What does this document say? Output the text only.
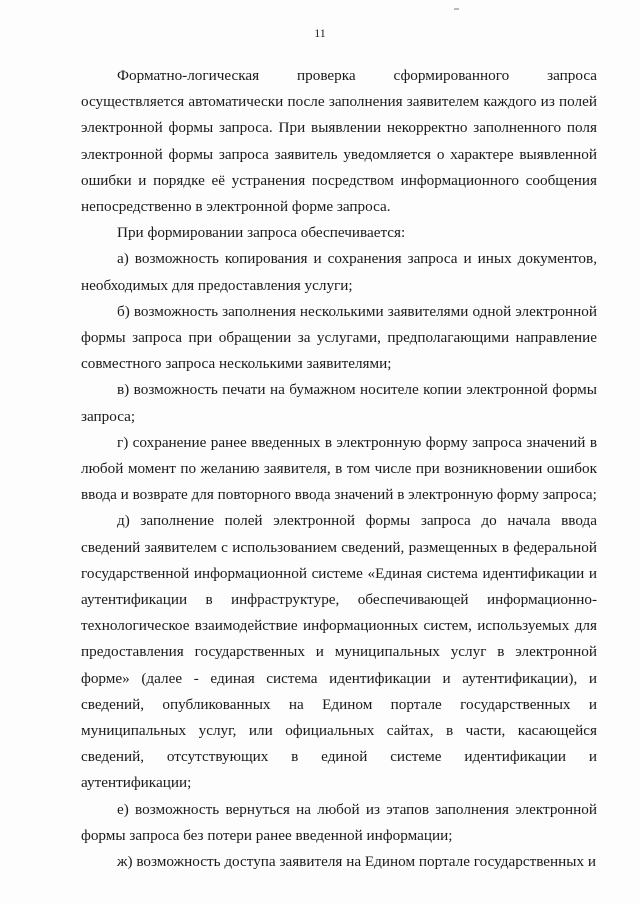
11

Форматно-логическая проверка сформированного запроса осуществляется автоматически после заполнения заявителем каждого из полей электронной формы запроса. При выявлении некорректно заполненного поля электронной формы запроса заявитель уведомляется о характере выявленной ошибки и порядке её устранения посредством информационного сообщения непосредственно в электронной форме запроса.

При формировании запроса обеспечивается:

а) возможность копирования и сохранения запроса и иных документов, необходимых для предоставления услуги;

б) возможность заполнения несколькими заявителями одной электронной формы запроса при обращении за услугами, предполагающими направление совместного запроса несколькими заявителями;

в) возможность печати на бумажном носителе копии электронной формы запроса;

г) сохранение ранее введенных в электронную форму запроса значений в любой момент по желанию заявителя, в том числе при возникновении ошибок ввода и возврате для повторного ввода значений в электронную форму запроса;

д) заполнение полей электронной формы запроса до начала ввода сведений заявителем с использованием сведений, размещенных в федеральной государственной информационной системе «Единая система идентификации и аутентификации в инфраструктуре, обеспечивающей информационно-технологическое взаимодействие информационных систем, используемых для предоставления государственных и муниципальных услуг в электронной форме» (далее - единая система идентификации и аутентификации), и сведений, опубликованных на Едином портале государственных и муниципальных услуг, или официальных сайтах, в части, касающейся сведений, отсутствующих в единой системе идентификации и аутентификации;

е) возможность вернуться на любой из этапов заполнения электронной формы запроса без потери ранее введенной информации;

ж) возможность доступа заявителя на Едином портале государственных и
